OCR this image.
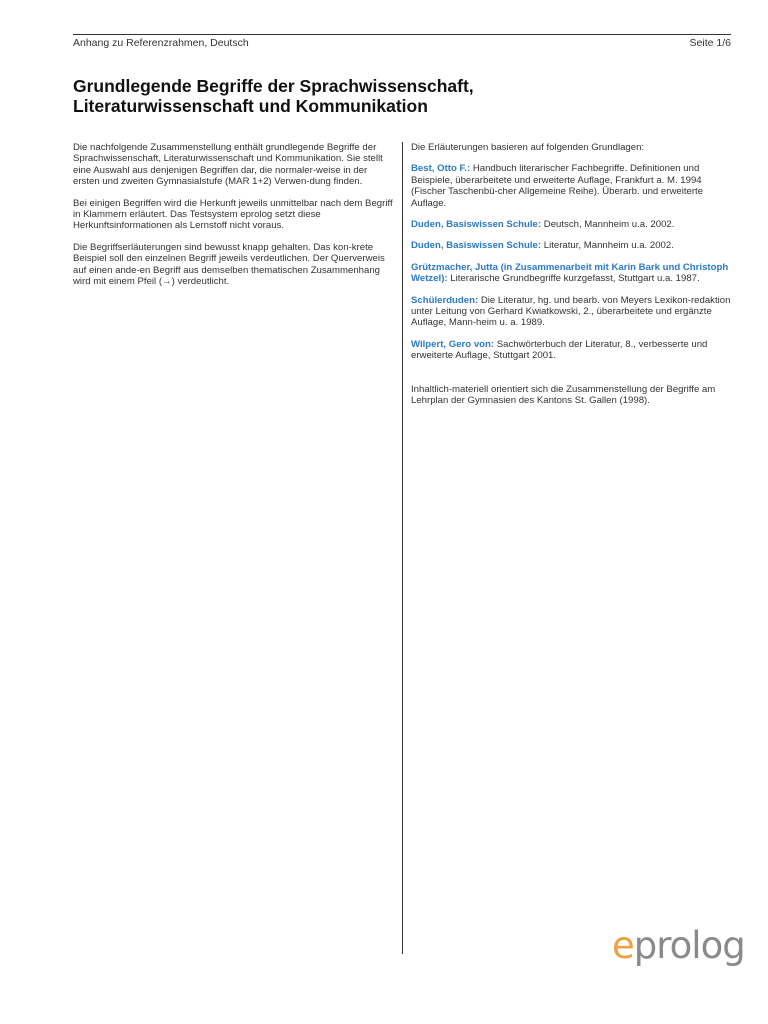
Anhang zu Referenzrahmen, Deutsch	Seite 1/6
Grundlegende Begriffe der Sprachwissenschaft,
Literaturwissenschaft und Kommunikation

Die nachfolgende Zusammenstellung enthält grundlegende Begriffe der Sprachwissenschaft, Literaturwissenschaft und Kommunikation. Sie stellt eine Auswahl aus denjenigen Begriffen dar, die normaler-weise in der ersten und zweiten Gymnasialstufe (MAR 1+2) Verwen-dung finden.

Bei einigen Begriffen wird die Herkunft jeweils unmittelbar nach dem Begriff in Klammern erläutert. Das Testsystem eprolog setzt diese Herkunftsinformationen als Lernstoff nicht voraus.

Die Begriffserläuterungen sind bewusst knapp gehalten. Das kon-krete Beispiel soll den einzelnen Begriff jeweils verdeutlichen. Der Querverweis auf einen ande-en Begriff aus demselben thematischen Zusammenhang wird mit einem Pfeil (→) verdeutlicht.

Die Erläuterungen basieren auf folgenden Grundlagen:

Best, Otto F.: Handbuch literarischer Fachbegriffe. Definitionen und Beispiele, überarbeitete und erweiterte Auflage, Frankfurt a. M. 1994 (Fischer Taschenbü-cher Allgemeine Reihe). Überarb. und erweiterte Auflage.

Duden, Basiswissen Schule: Deutsch, Mannheim u.a. 2002.

Duden, Basiswissen Schule: Literatur, Mannheim u.a. 2002.

Grützmacher, Jutta (in Zusammenarbeit mit Karin Bark und Christoph Wetzel): Literarische Grundbegriffe kurzgefasst, Stuttgart u.a. 1987.

Schülerduden: Die Literatur, hg. und bearb. von Meyers Lexikon-redaktion unter Leitung von Gerhard Kwiatkowski, 2., überarbeitete und ergänzte Auflage, Mann-heim u. a. 1989.

Wilpert, Gero von: Sachwörterbuch der Literatur, 8., verbesserte und erweiterte Auflage, Stuttgart 2001.

Inhaltlich-materiell orientiert sich die Zusammenstellung der Begriffe am Lehrplan der Gymnasien des Kantons St. Gallen (1998).

eprolog
